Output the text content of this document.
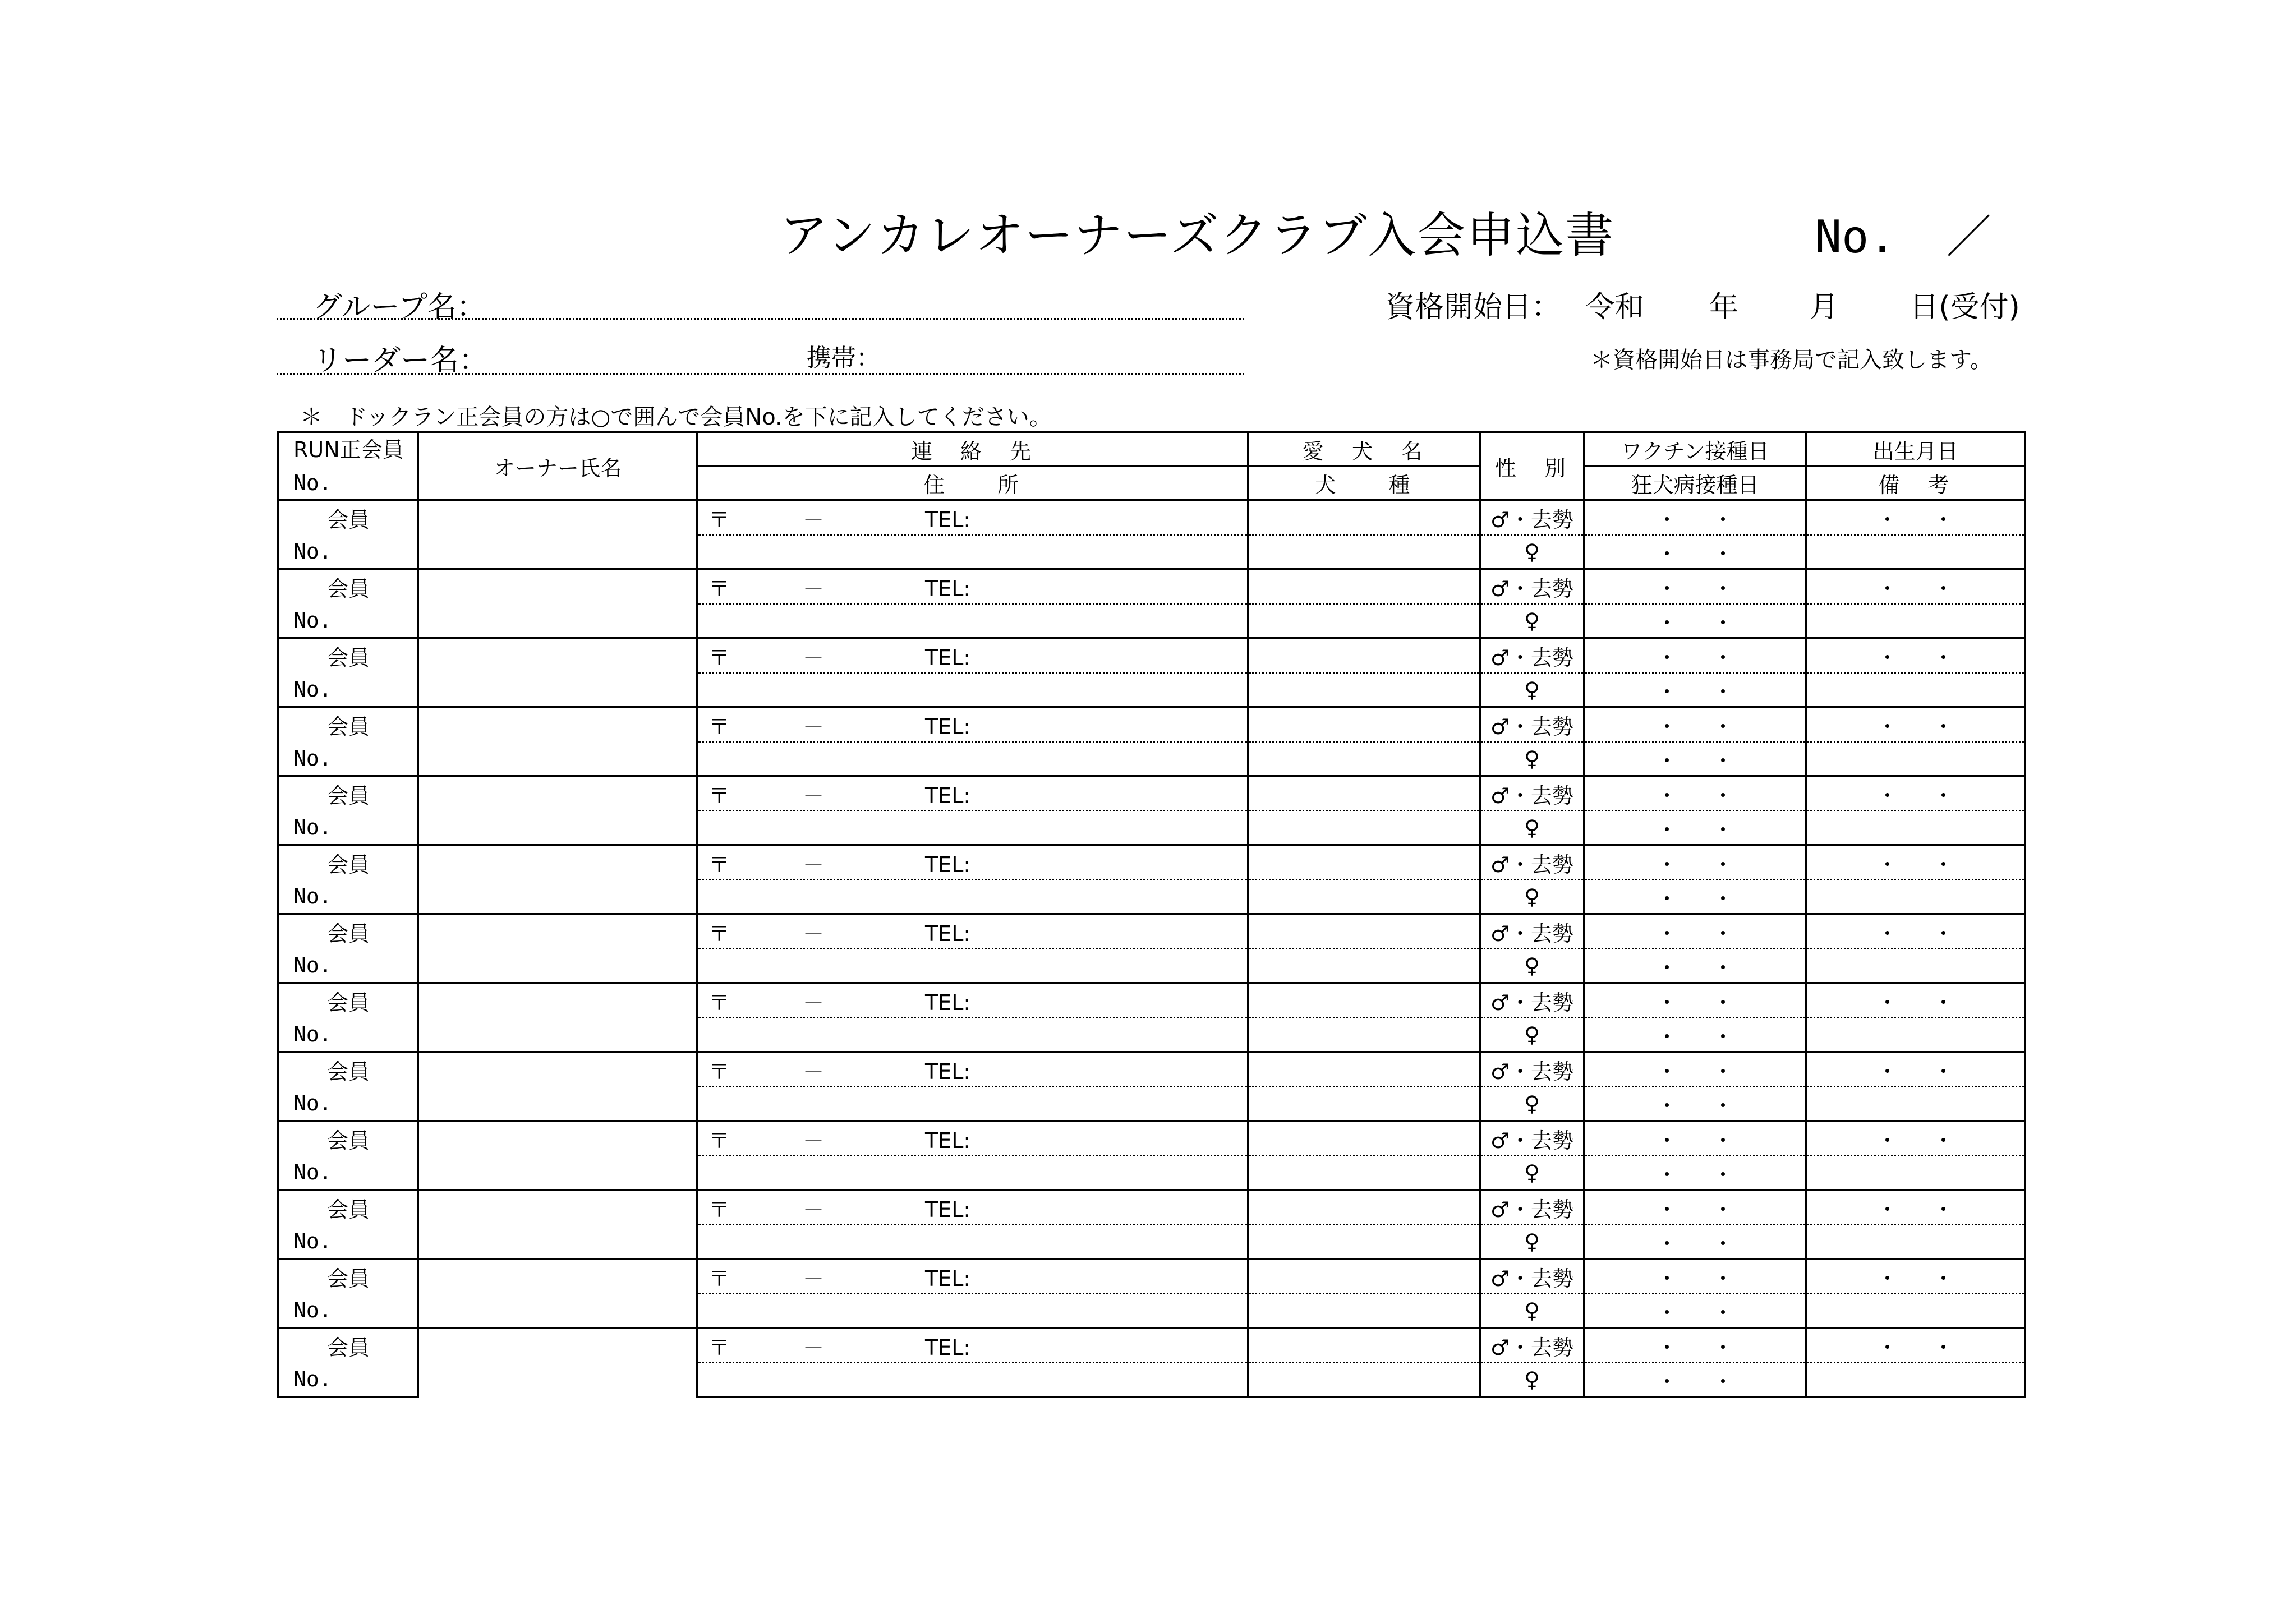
アンカレオーナーズクラブ入会申込書	No. ／
グループ名：
リーダー名：	携帯：
資格開始日： 令和 年 月 日(受付)
＊資格開始日は事務局で記入致します。
＊　ドックラン正会員の方は○で囲んで会員No.を下に記入してください。
RUN正会員	オーナー氏名	連　絡　先	愛　犬　名	性　別	ワクチン接種日	出生月日
No.		住　　所	犬　　種		狂犬病接種日	備　考
会員		〒 － TEL:		♂・去勢	・ ・	・ ・
No.				♀	・ ・	
会員		〒 － TEL:		♂・去勢	・ ・	・ ・
No.				♀	・ ・	
会員		〒 － TEL:		♂・去勢	・ ・	・ ・
No.				♀	・ ・	
会員		〒 － TEL:		♂・去勢	・ ・	・ ・
No.				♀	・ ・	
会員		〒 － TEL:		♂・去勢	・ ・	・ ・
No.				♀	・ ・	
会員		〒 － TEL:		♂・去勢	・ ・	・ ・
No.				♀	・ ・	
会員		〒 － TEL:		♂・去勢	・ ・	・ ・
No.				♀	・ ・	
会員		〒 － TEL:		♂・去勢	・ ・	・ ・
No.				♀	・ ・	
会員		〒 － TEL:		♂・去勢	・ ・	・ ・
No.				♀	・ ・	
会員		〒 － TEL:		♂・去勢	・ ・	・ ・
No.				♀	・ ・	
会員		〒 － TEL:		♂・去勢	・ ・	・ ・
No.				♀	・ ・	
会員		〒 － TEL:		♂・去勢	・ ・	・ ・
No.				♀	・ ・	
会員		〒 － TEL:		♂・去勢	・ ・	・ ・
No.				♀	・ ・	
